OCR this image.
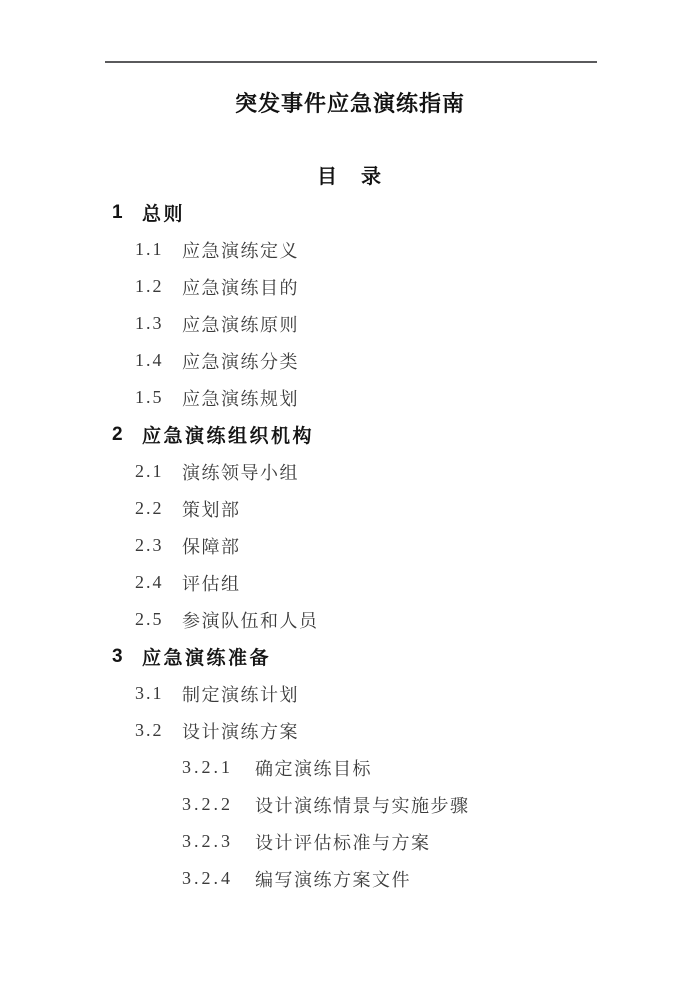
突发事件应急演练指南
目　录
1	总则
1.1	应急演练定义
1.2	应急演练目的
1.3	应急演练原则
1.4	应急演练分类
1.5	应急演练规划
2	应急演练组织机构
2.1	演练领导小组
2.2	策划部
2.3	保障部
2.4	评估组
2.5	参演队伍和人员
3	应急演练准备
3.1	制定演练计划
3.2	设计演练方案
3.2.1	确定演练目标
3.2.2	设计演练情景与实施步骤
3.2.3	设计评估标准与方案
3.2.4	编写演练方案文件
